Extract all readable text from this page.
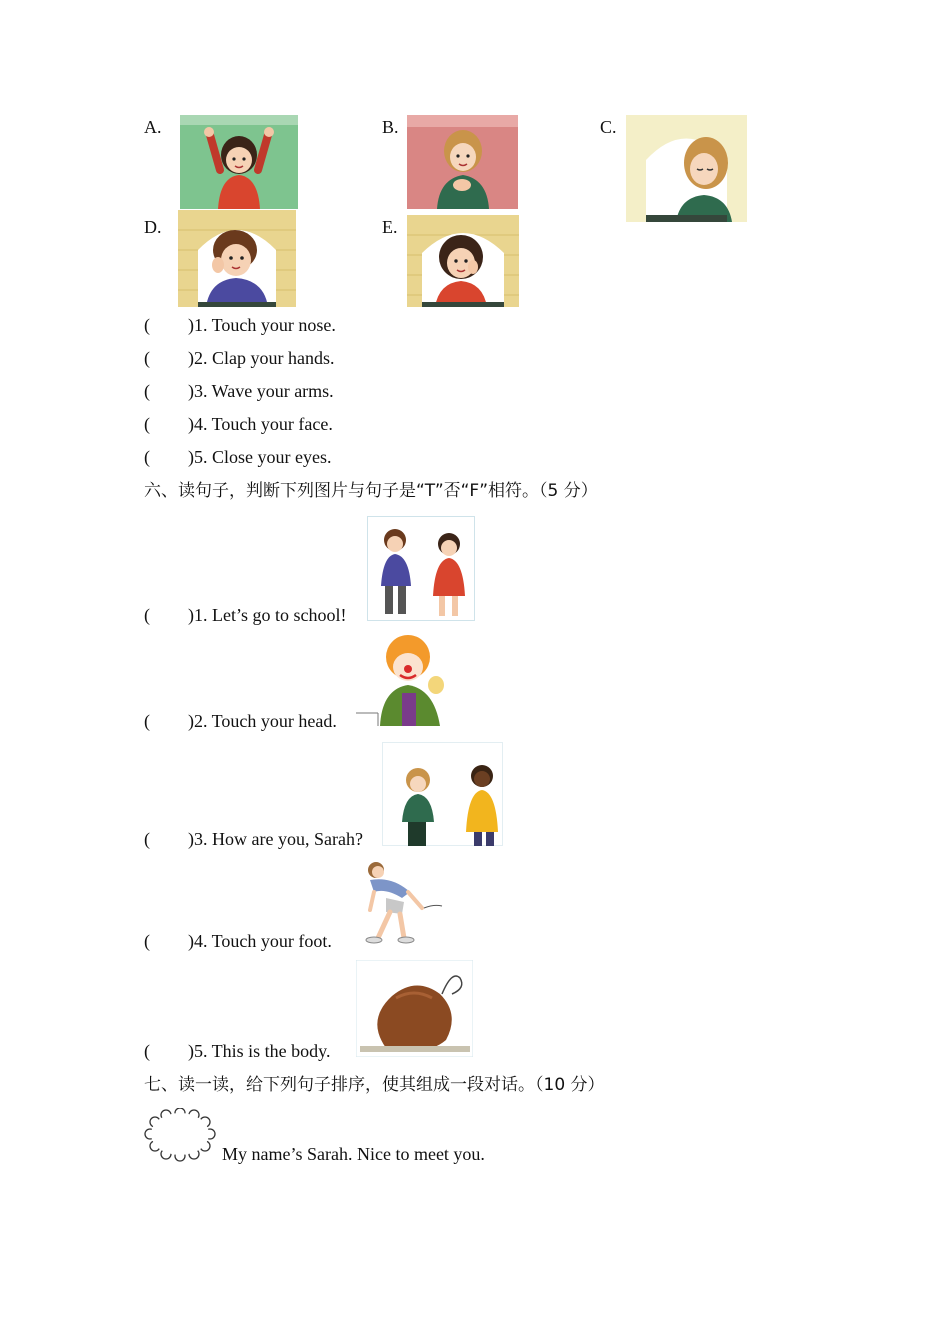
A.	B.	C.
D.	E.
( )1. Touch your nose.
( )2. Clap your hands.
( )3. Wave your arms.
( )4. Touch your face.
( )5. Close your eyes.
六、读句子，判断下列图片与句子是“T”否“F”相符。（5 分）
( )1. Let’s go to school!
( )2. Touch your head.
( )3. How are you, Sarah?
( )4. Touch your foot.
( )5. This is the body.
七、读一读，给下列句子排序，使其组成一段对话。（10 分）
My name’s Sarah. Nice to meet you.
